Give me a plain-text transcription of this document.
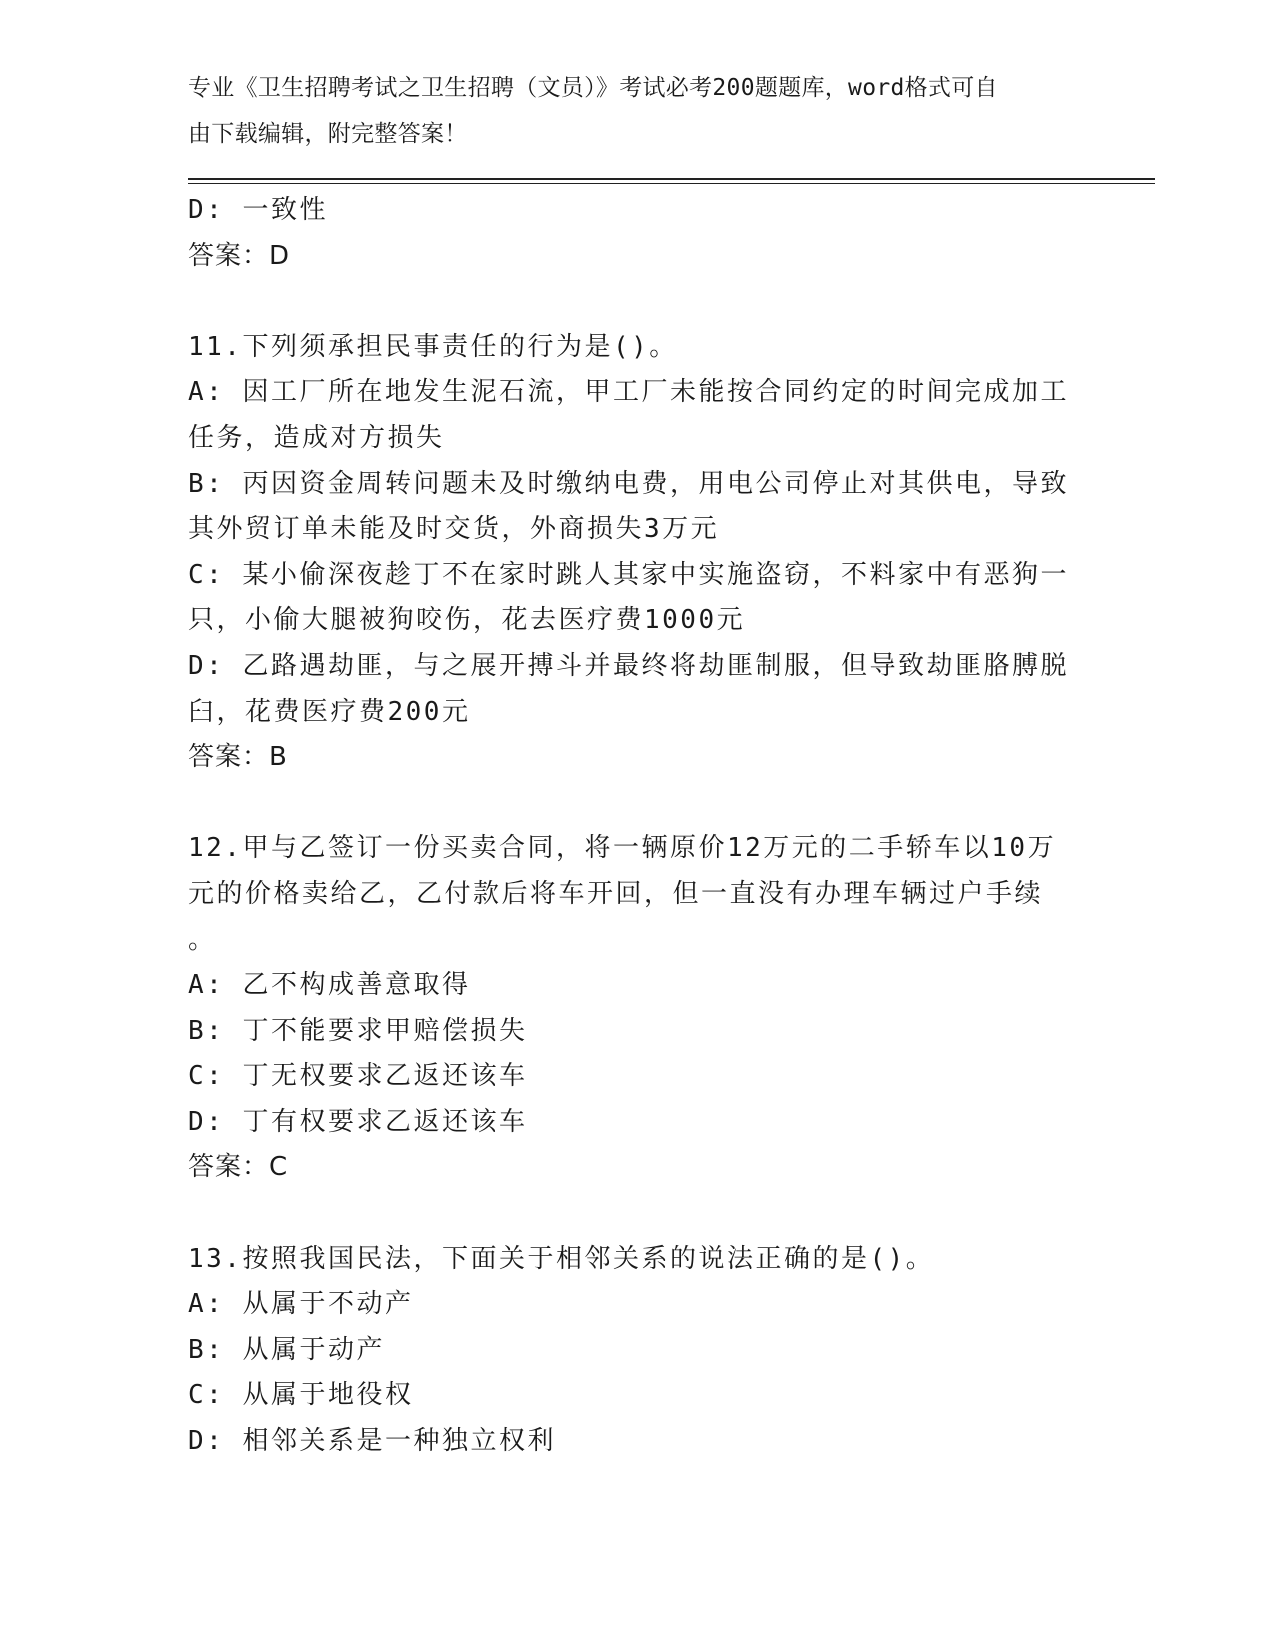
专业《卫生招聘考试之卫生招聘（文员）》考试必考200题题库，word格式可自
由下载编辑，附完整答案！
D: 一致性
答案：D
11.下列须承担民事责任的行为是()。
A: 因工厂所在地发生泥石流，甲工厂未能按合同约定的时间完成加工
任务，造成对方损失
B: 丙因资金周转问题未及时缴纳电费，用电公司停止对其供电，导致
其外贸订单未能及时交货，外商损失3万元
C: 某小偷深夜趁丁不在家时跳人其家中实施盗窃，不料家中有恶狗一
只，小偷大腿被狗咬伤，花去医疗费1000元
D: 乙路遇劫匪，与之展开搏斗并最终将劫匪制服，但导致劫匪胳膊脱
臼，花费医疗费200元
答案：B
12.甲与乙签订一份买卖合同，将一辆原价12万元的二手轿车以10万
元的价格卖给乙，乙付款后将车开回，但一直没有办理车辆过户手续
。
A: 乙不构成善意取得
B: 丁不能要求甲赔偿损失
C: 丁无权要求乙返还该车
D: 丁有权要求乙返还该车
答案：C
13.按照我国民法，下面关于相邻关系的说法正确的是()。
A: 从属于不动产
B: 从属于动产
C: 从属于地役权
D: 相邻关系是一种独立权利
